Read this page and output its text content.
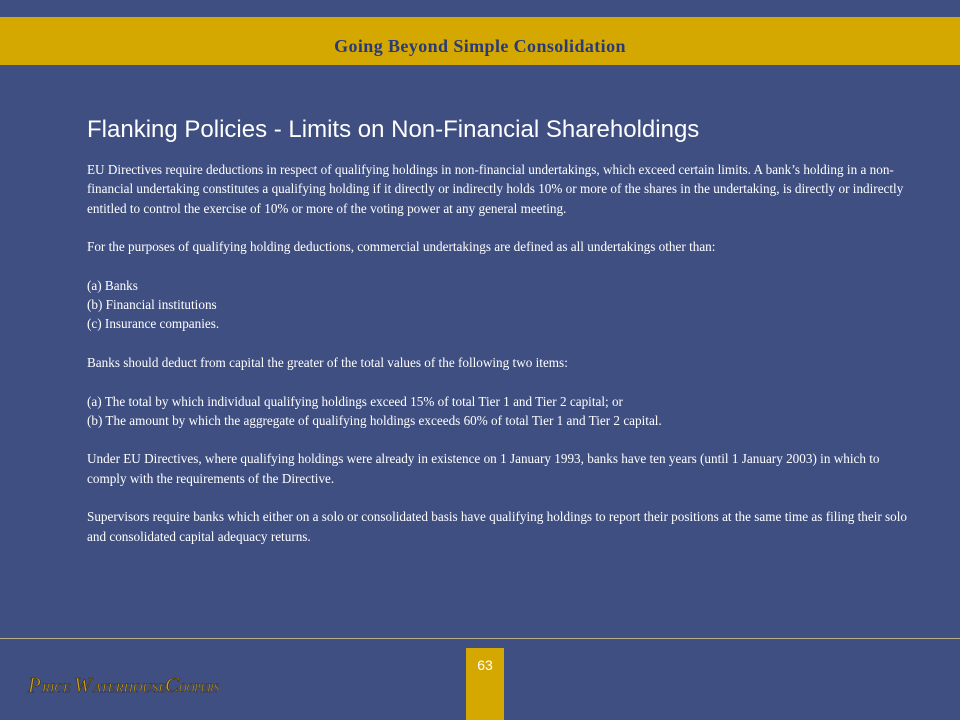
Going Beyond Simple Consolidation
Flanking Policies - Limits on Non-Financial Shareholdings

EU Directives require deductions in respect of qualifying holdings in non-financial undertakings, which exceed certain limits. A bank’s holding in a non-financial undertaking constitutes a qualifying holding if it directly or indirectly holds 10% or more of the shares in the undertaking, is directly or indirectly entitled to control the exercise of 10% or more of the voting power at any general meeting.

For the purposes of qualifying holding deductions, commercial undertakings are defined as all undertakings other than:

(a) Banks

(b) Financial institutions

(c) Insurance companies.

Banks should deduct from capital the greater of the total values of the following two items:

(a) The total by which individual qualifying holdings exceed 15% of total Tier 1 and Tier 2 capital; or

(b) The amount by which the aggregate of qualifying holdings exceeds 60% of total Tier 1 and Tier 2 capital.

Under EU Directives, where qualifying holdings were already in existence on 1 January 1993, banks have ten years (until 1 January 2003) in which to comply with the requirements of the Directive.

Supervisors require banks which either on a solo or consolidated basis have qualifying holdings to report their positions at the same time as filing their solo and consolidated capital adequacy returns.

63
P RICE W ATERHOUSE
C OOPERS
